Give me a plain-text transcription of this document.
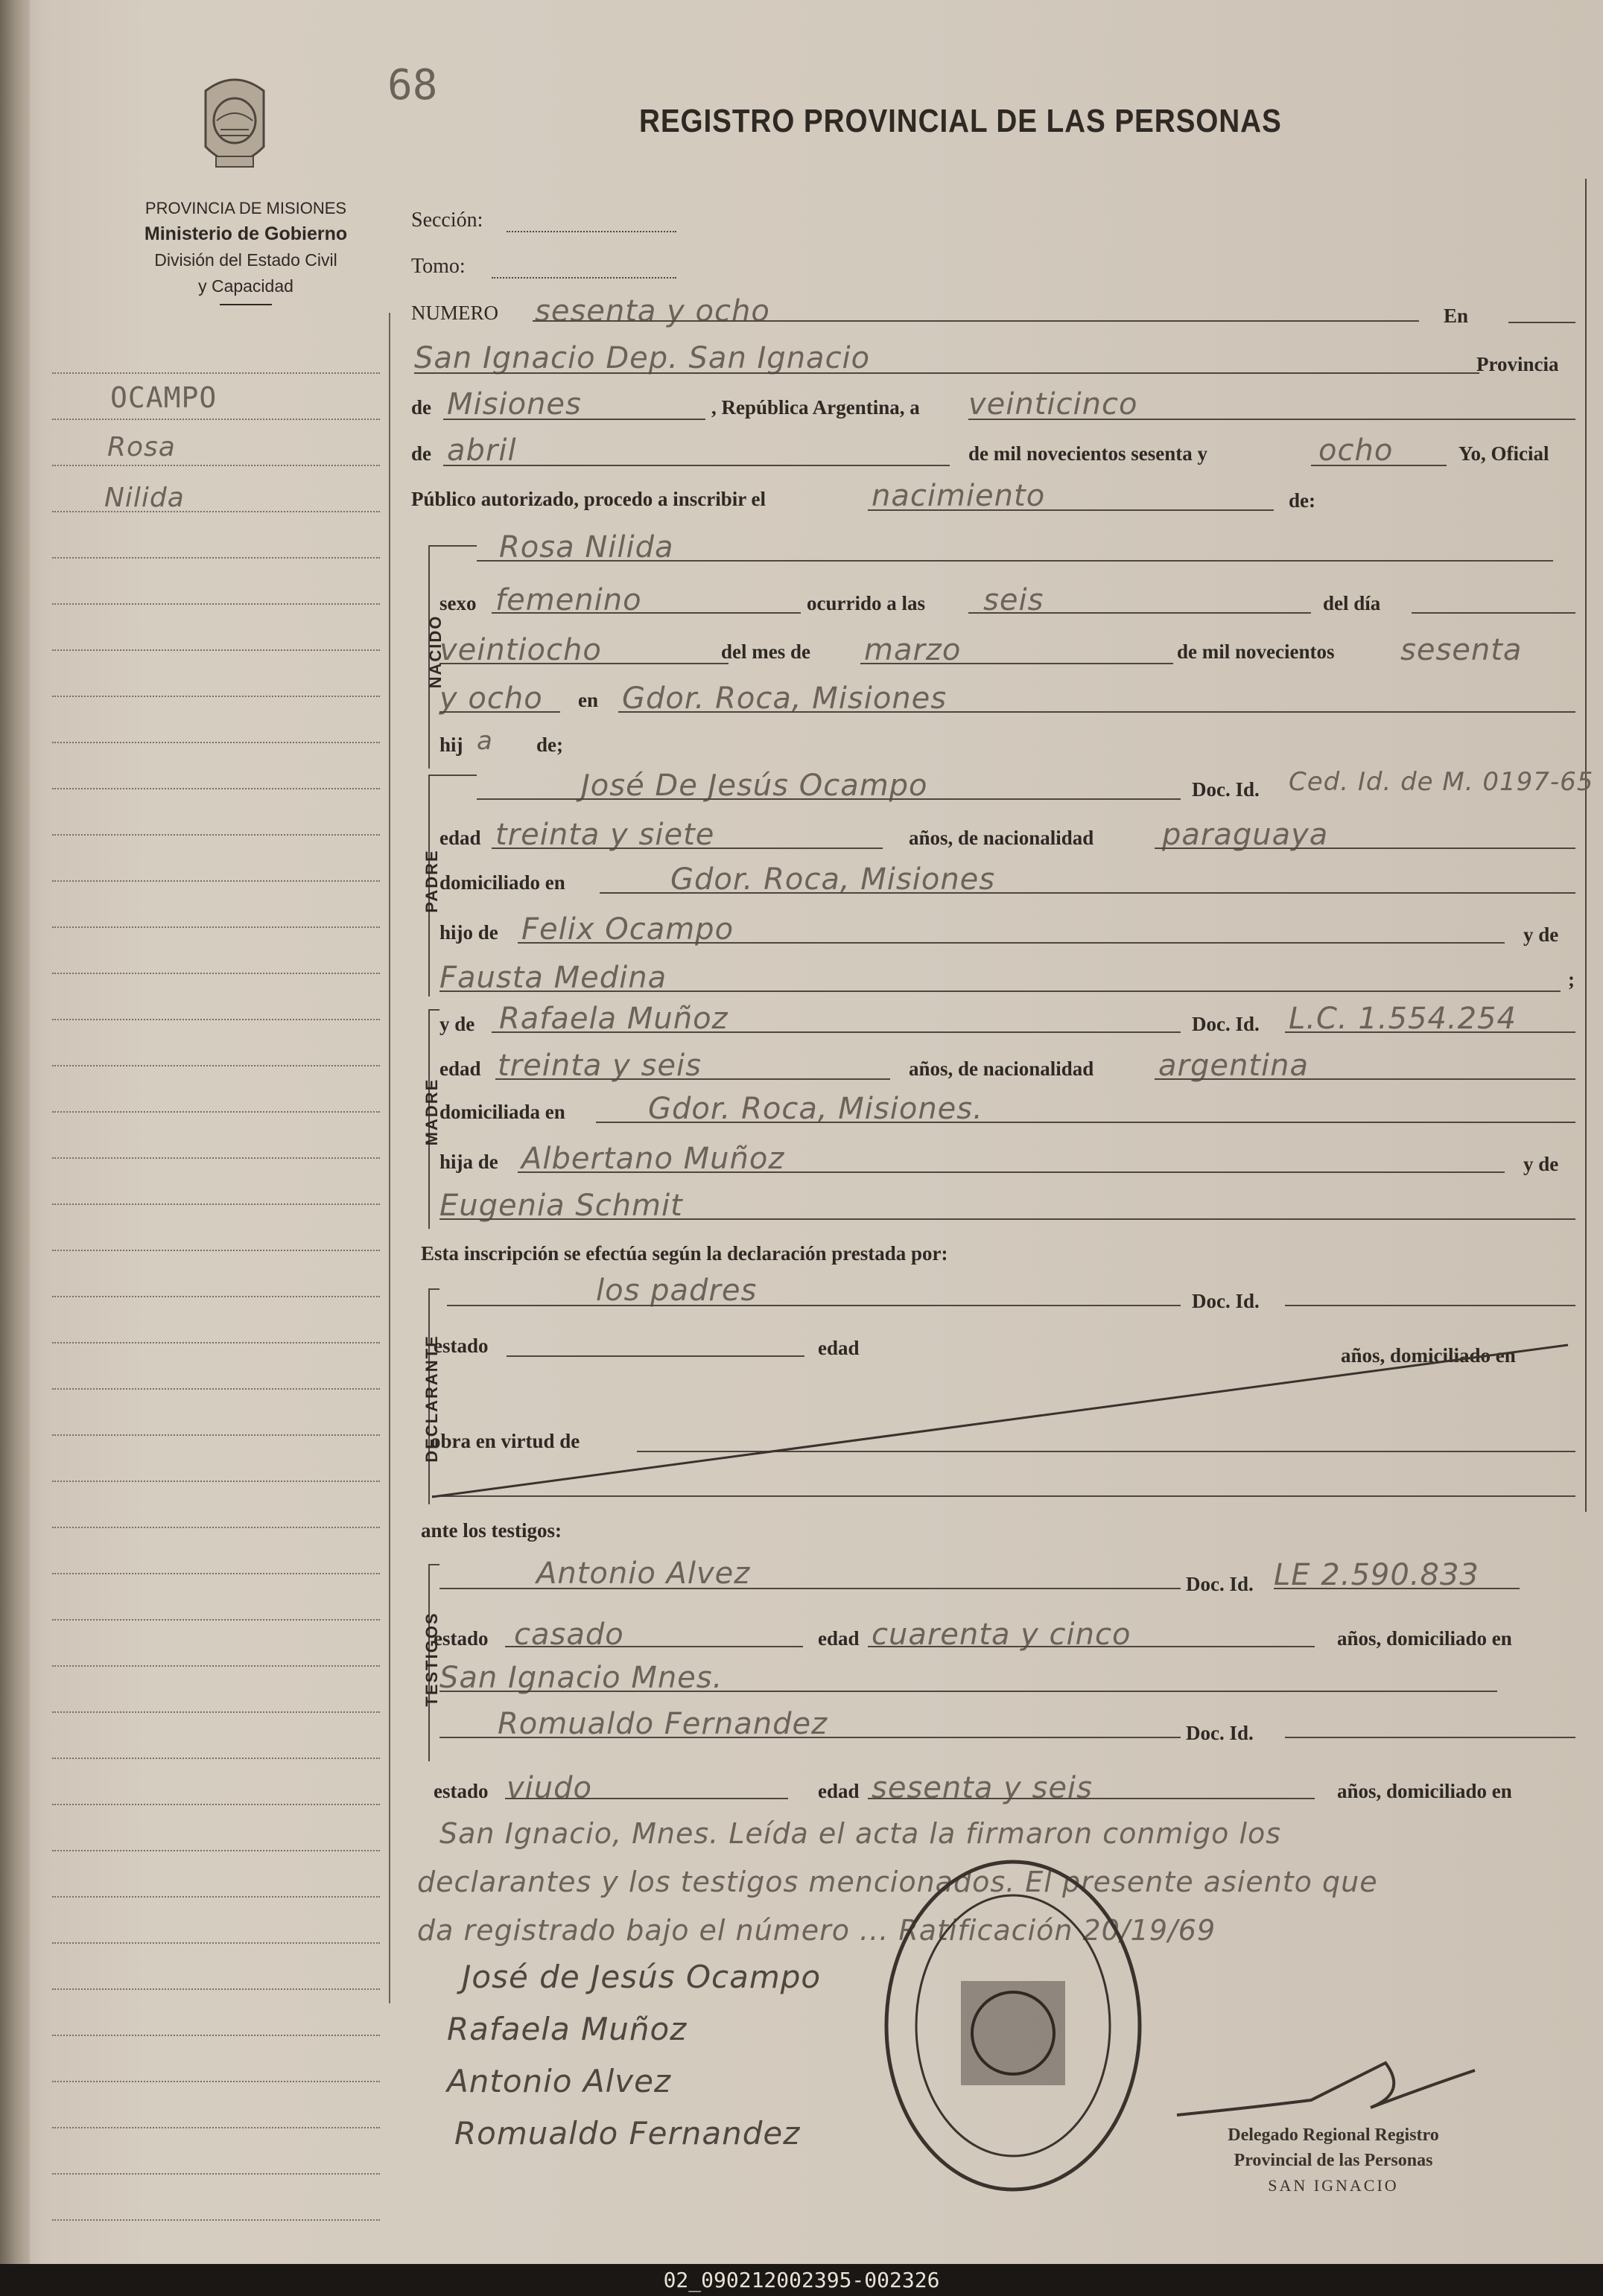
68
REGISTRO PROVINCIAL DE LAS PERSONAS
PROVINCIA DE MISIONES
Ministerio de Gobierno
División del Estado Civil
y Capacidad
OCAMPO
Rosa
Nilida
Sección:
Tomo:
NUMERO sesenta y ocho	En
San Ignacio Dep. San Ignacio	Provincia
de Misiones	, República Argentina, a veinticinco
de abril	de mil novecientos sesenta y	ocho	Yo, Oficial
Público autorizado, procedo a inscribir el	nacimiento	de:
NACIDO
Rosa Nilida
sexo femenino	ocurrido a las seis	del día
veintiocho	del mes de marzo	de mil novecientos sesenta
y ocho en Gdor. Roca, Misiones
hij a de;
PADRE
José De Jesús Ocampo	Doc. Id. Ced. Id. de M. 0197-65
edad treinta y siete	años, de nacionalidad paraguaya
domiciliado en	Gdor. Roca, Misiones
hijo de Felix Ocampo	y de
Fausta Medina	;
MADRE
y de Rafaela Muñoz	Doc. Id. L.C. 1.554.254
edad treinta y seis	años, de nacionalidad argentina
domiciliada en	Gdor. Roca, Misiones.
hija de Albertano Muñoz	y de
Eugenia Schmit
Esta inscripción se efectúa según la declaración prestada por:
DECLARANTE
los padres	Doc. Id.
estado	edad	años, domiciliado en
obra en virtud de
ante los testigos:
TESTIGOS
Antonio Alvez	Doc. Id. LE 2.590.833
estado casado	edad cuarenta y cinco	años, domiciliado en
San Ignacio Mnes.
Romualdo Fernandez	Doc. Id.
estado viudo	edad sesenta y seis	años, domiciliado en
San Ignacio, Mnes. Leída el acta la firmaron conmigo los
declarantes y los testigos mencionados. El presente asiento que
da registrado bajo el número ... Ratificación 20/19/69
José de Jesús Ocampo
Rafaela Muñoz
Antonio Alvez
Romualdo Fernandez	Delegado Regional Registro
Provincial de las Personas
SAN IGNACIO
02_090212002395-002326
